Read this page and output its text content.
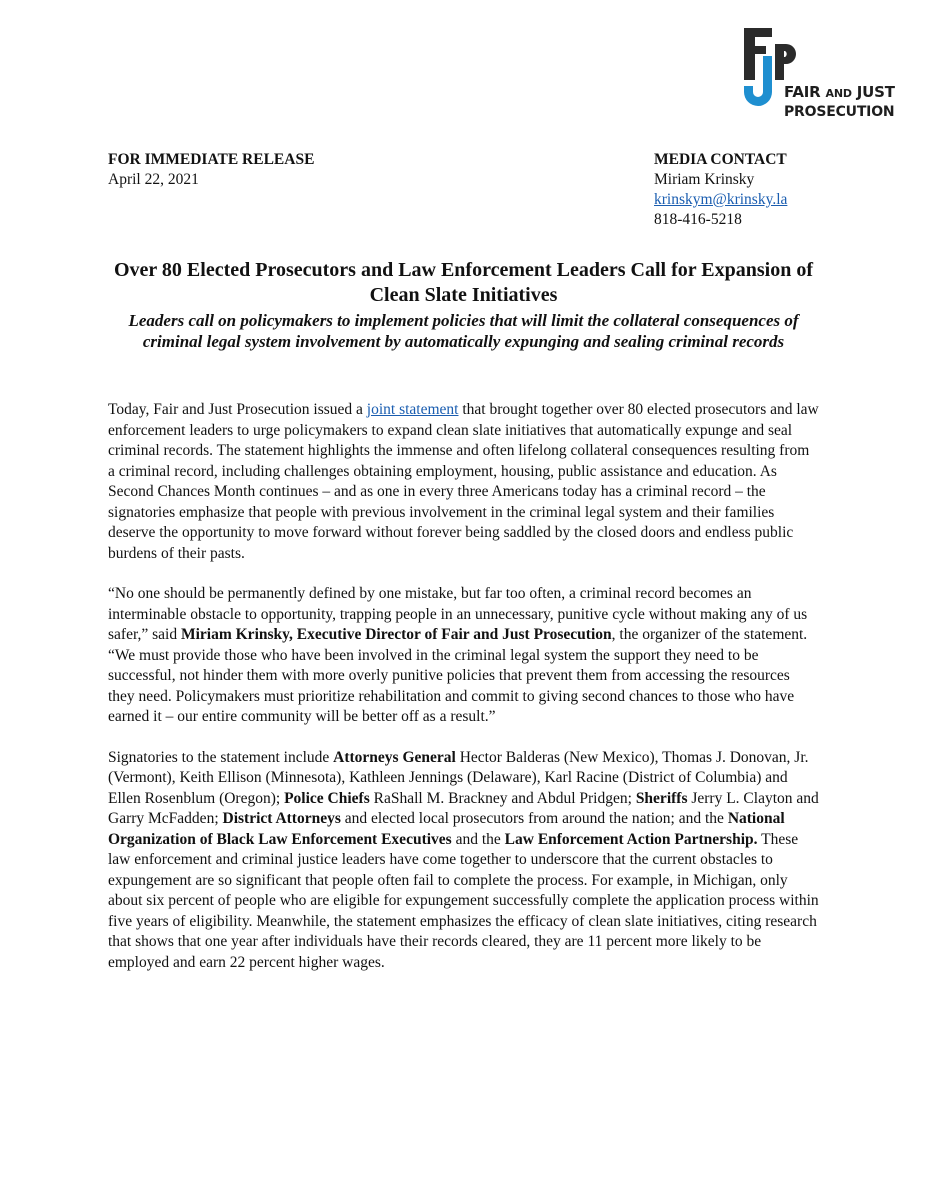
FAIR AND JUST
PROSECUTION
FOR IMMEDIATE RELEASE
April 22, 2021
MEDIA CONTACT
Miriam Krinsky
krinskym@krinsky.la
818-416-5218
Over 80 Elected Prosecutors and Law Enforcement Leaders Call for Expansion of Clean Slate Initiatives
Leaders call on policymakers to implement policies that will limit the collateral consequences of criminal legal system involvement by automatically expunging and sealing criminal records

Today, Fair and Just Prosecution issued a joint statement that brought together over 80 elected prosecutors and law enforcement leaders to urge policymakers to expand clean slate initiatives that automatically expunge and seal criminal records. The statement highlights the immense and often lifelong collateral consequences resulting from a criminal record, including challenges obtaining employment, housing, public assistance and education. As Second Chances Month continues – and as one in every three Americans today has a criminal record – the signatories emphasize that people with previous involvement in the criminal legal system and their families deserve the opportunity to move forward without forever being saddled by the closed doors and endless public burdens of their pasts.

“No one should be permanently defined by one mistake, but far too often, a criminal record becomes an interminable obstacle to opportunity, trapping people in an unnecessary, punitive cycle without making any of us safer,” said Miriam Krinsky, Executive Director of Fair and Just Prosecution, the organizer of the statement. “We must provide those who have been involved in the criminal legal system the support they need to be successful, not hinder them with more overly punitive policies that prevent them from accessing the resources they need. Policymakers must prioritize rehabilitation and commit to giving second chances to those who have earned it – our entire community will be better off as a result.”

Signatories to the statement include Attorneys General Hector Balderas (New Mexico), Thomas J. Donovan, Jr. (Vermont), Keith Ellison (Minnesota), Kathleen Jennings (Delaware), Karl Racine (District of Columbia) and Ellen Rosenblum (Oregon); Police Chiefs RaShall M. Brackney and Abdul Pridgen; Sheriffs Jerry L. Clayton and Garry McFadden; District Attorneys and elected local prosecutors from around the nation; and the National Organization of Black Law Enforcement Executives and the Law Enforcement Action Partnership. These law enforcement and criminal justice leaders have come together to underscore that the current obstacles to expungement are so significant that people often fail to complete the process. For example, in Michigan, only about six percent of people who are eligible for expungement successfully complete the application process within five years of eligibility. Meanwhile, the statement emphasizes the efficacy of clean slate initiatives, citing research that shows that one year after individuals have their records cleared, they are 11 percent more likely to be employed and earn 22 percent higher wages.
